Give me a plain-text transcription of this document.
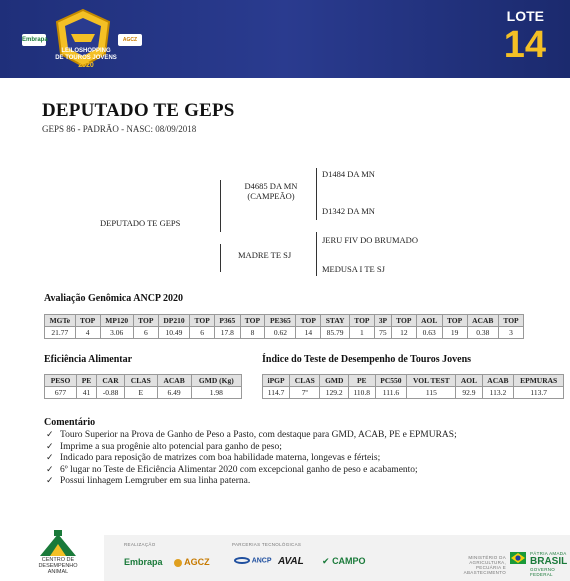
Embrapa	AGCZ
LEILOSHOPPING
DE TOUROS JOVENS
2020
LOTE
14
DEPUTADO TE GEPS
GEPS 86 - PADRÃO - NASC: 08/09/2018
DEPUTADO TE GEPS
D4685 DA MN
(CAMPEÃO)
MADRE TE SJ
D1484 DA MN
D1342 DA MN
JERU FIV DO BRUMADO
MEDUSA I TE SJ
Avaliação Genômica ANCP 2020
MGTe	TOP	MP120	TOP	DP210	TOP	P365	TOP	PE365	TOP	STAY	TOP	3P	TOP	AOL	TOP	ACAB	TOP
21.77	4	3.06	6	10.49	6	17.8	8	0.62	14	85.79	1	75	12	0.63	19	0.38	3
Eficiência Alimentar
PESO	PE	CAR	CLAS	ACAB	GMD (Kg)
677	41	-0.88	E	6.49	1.98
Índice do Teste de Desempenho de Touros Jovens
iPGP	CLAS	GMD	PE	PC550	VOL TEST	AOL	ACAB	EPMURAS
114.7	7º	129.2	110.8	111.6	115	92.9	113.2	113.7
Comentário
✓ Touro Superior na Prova de Ganho de Peso a Pasto, com destaque para GMD, ACAB, PE e EPMURAS;
✓ Imprime a sua progênie alto potencial para ganho de peso;
✓ Indicado para reposição de matrizes com boa habilidade materna, longevas e férteis;
✓ 6º lugar no Teste de Eficiência Alimentar 2020 com excepcional ganho de peso e acabamento;
✓ Possui linhagem Lemgruber em sua linha paterna.
CENTRO DE
DESEMPENHO
ANIMAL
REALIZAÇÃO	PARCERIAS TECNOLÓGICAS
Embrapa	AGCZ	ANCP AVAL ✔ CAMPO	MINISTÉRIO DA AGRICULTURA, PECUÁRIA E ABASTECIMENTO
PÁTRIA AMADA
BRASIL
GOVERNO FEDERAL
